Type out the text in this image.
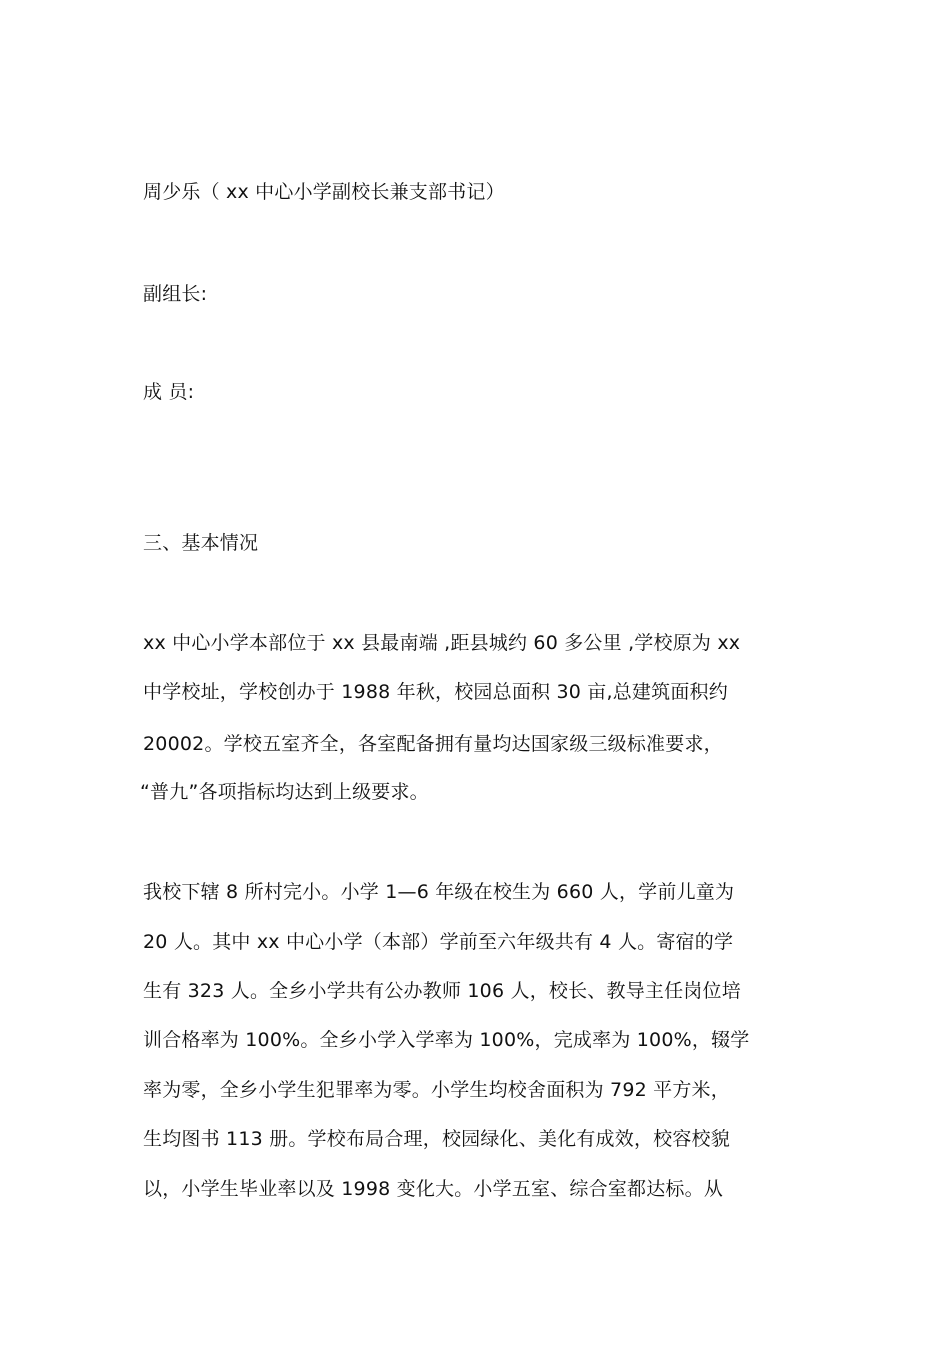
周少乐（ xx 中心小学副校长兼支部书记）
副组长:
成 员:
三、基本情况
xx 中心小学本部位于 xx 县最南端 ,距县城约 60 多公里 ,学校原为 xx
中学校址，学校创办于 1988 年秋，校园总面积 30 亩,总建筑面积约
20002。学校五室齐全，各室配备拥有量均达国家级三级标准要求，
“普九”各项指标均达到上级要求。
我校下辖 8 所村完小。小学 1—6 年级在校生为 660 人，学前儿童为
20 人。其中 xx 中心小学（本部）学前至六年级共有 4 人。寄宿的学
生有 323 人。全乡小学共有公办教师 106 人，校长、教导主任岗位培
训合格率为 100%。全乡小学入学率为 100%，完成率为 100%，辍学
率为零，全乡小学生犯罪率为零。小学生均校舍面积为 792 平方米，
生均图书 113 册。学校布局合理，校园绿化、美化有成效，校容校貌
以，小学生毕业率以及 1998 变化大。小学五室、综合室都达标。从
